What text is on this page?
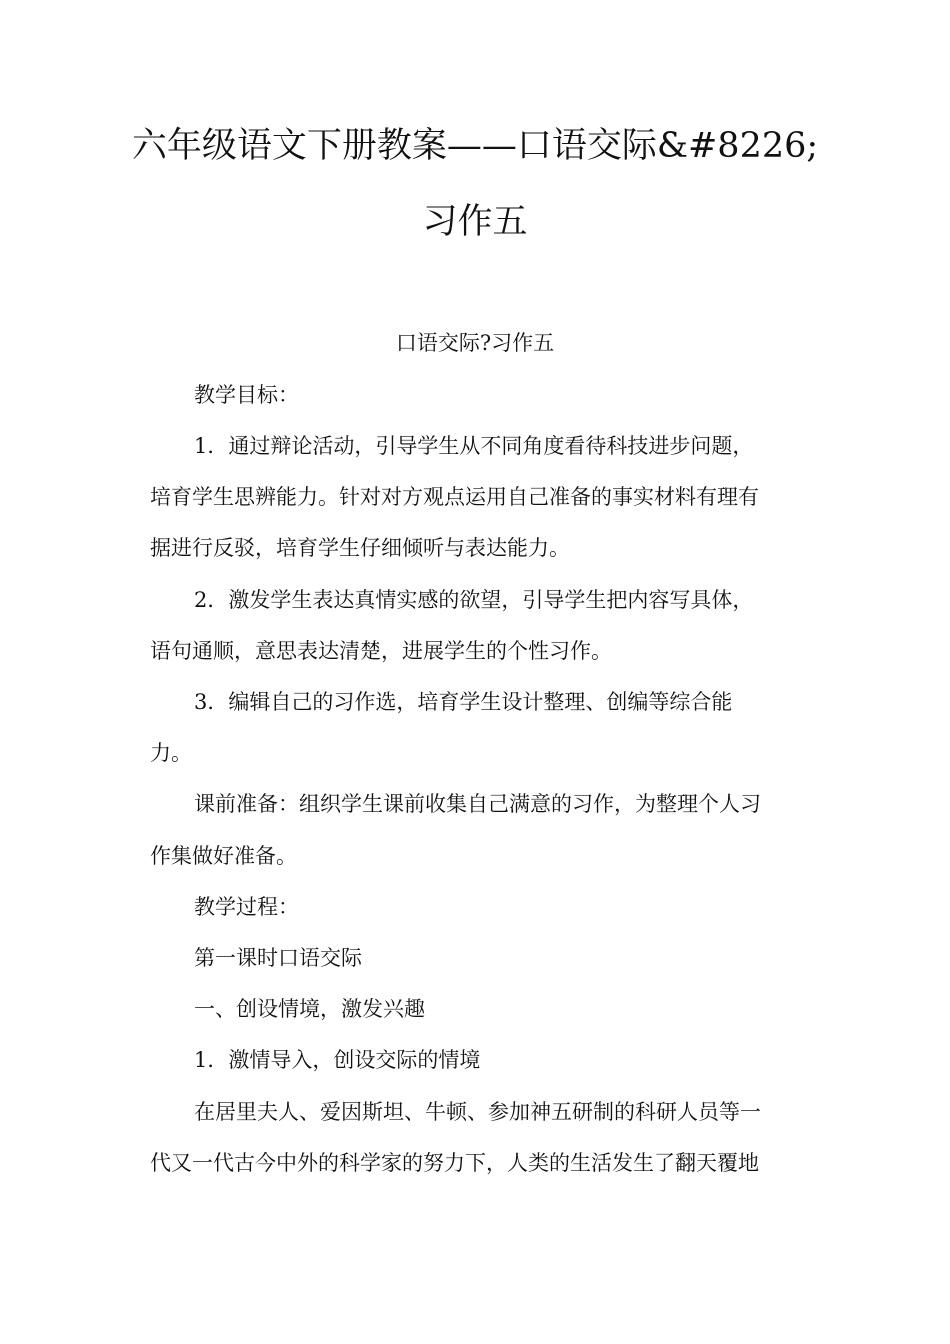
六年级语文下册教案——口语交际&#8226;
习作五
口语交际?习作五
教学目标：
1．通过辩论活动，引导学生从不同角度看待科技进步问题，
培育学生思辨能力。针对对方观点运用自己准备的事实材料有理有
据进行反驳，培育学生仔细倾听与表达能力。
2．激发学生表达真情实感的欲望，引导学生把内容写具体，
语句通顺，意思表达清楚，进展学生的个性习作。
3．编辑自己的习作选，培育学生设计整理、创编等综合能
力。
课前准备：组织学生课前收集自己满意的习作，为整理个人习
作集做好准备。
教学过程：
第一课时口语交际
一、创设情境，激发兴趣
1．激情导入，创设交际的情境
在居里夫人、爱因斯坦、牛顿、参加神五研制的科研人员等一
代又一代古今中外的科学家的努力下，人类的生活发生了翻天覆地
